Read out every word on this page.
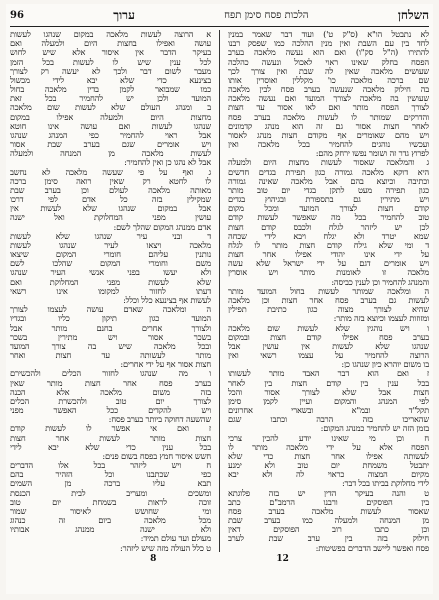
96	ערוך	הלכות פסח סימן תפח	השלחן
לא נתבטל הו"א (ס"ק ט') ועוד דבר שאמר במנין
לחד בין עם השבת ואין מנין ההלכה כמו שפסק רבנו
להתירו (ה"ל סק"ו) ואם הוא נעשה מלאכה בערב
הפסח בחלק שאינו ראוי לאכול ונעשה כהלכה
שעושים מלאכה שאין לה שבת ואין צורך לכך
שם ברכה מלאכה כו' מקללין ואוסרין אותו
בה חילוק מלאכה שנעשה בערב פסח לבין מלאכה
שעושין בה מלאכה לצורך המועד ואם נעשה מלאכה
לצורך הפסח מותר ואם לאו אסור עד חצות
והדרקים שמותר לו לעשות מלאכה בערב פסח
לאחר חצות אסור גם זה הוא מנהג קדמונים
ויש מהם שאומרים אף מקודם חצות מנהג לאסור
ועכשיו נוהגים להחמיר בכל מלאכה ואין
לפרוץ גדר זה ושומר נפשו ירחק מהם:
ג והמלאכה שאסור לעשות מחצות היום ולמעלה
היא דוקא מלאכה גמורה כגון תפירת בגדים חדשים
וכתיבה וכיוצא בהם אבל מלאכה שאינה גמורה
כגון תפירה מעט לתקן בגדי יום טוב מותר
ויש מתירין גם בתספורת ובגיהוץ בגדים
קודם חצות לצורך המועד ומכל מקום
טוב להחמיר בכל מה שאפשר לעשות קודם
לכן יש ליזהר לגלח ולכבס קודם חצות
שמא יטרד ולא יגלח ויבא לידי שכחה
ד ומי שלא גילח קודם חצות מותר לו לגלח
על ידי אינו יהודי אפילו אחר חצות
ויש אומרים דגם על ידי ישראל שלא עשה
מלאכה זו לאומנות מותר ויש אוסרין
והמנהג להחמיר וכן לענין כביסה:
ה ומלאכה שמותר לעשות בחול המועד מותר
לעשות גם בערב פסח אחר חצות וכן מלאכה
שהיא לצורך מצוה כגון כתיבת תפילין
ומזוזות לעצמו וכיוצא בזה מותר:
ו ויש נוהגין שלא לעשות שום מלאכה
בערב פסח אפילו קודם חצות ובמקום
שנהגו שלא לעשות אין עושין אבל
הרוצה להחמיר על עצמו רשאי ואין
בו משום יוהרא כיון שנהגו כן:
ז ואם הוא דבר האבד מותר לעשותו
בכל ענין בין קודם חצות בין לאחר
חצות אבל שלא לצורך אסור והכל
לפי המנהג והמקום ועיין לקמן סימן
תקל"ד ובמ"א ובשארי אחרונים
שהאריכו בזה הרבה וכתבו שגם
בזמן הזה יש להחמיר כמנהג המקום:
ח וכן מי שאינו יודע להכין צרכי
הפסח אלא על ידי מלאכה מותר לו
לעשותה אפילו אחר חצות כדי שלא
יתבטל משמחת יום טוב ולא ימנע
מקיום המצוה כראוי לה ולא יבא
לידי מחלוקת בביתו בכל דבר:
ט והנה בעיקר הדין יש בזה פלוגתא
בין הפוסקים ורבנו הרמב"ם כתב
שאסור לעשות מלאכה בערב פסח
מן המנחה ולמעלה כמו בערב שבת
וכן כתבו רוב הפוסקים דאין
חילוק בזה בין ערב שבת לערב
פסח ואפשר ליישב הדברים בפשיטות:
א הרוצה לעשות מלאכה במקום שנהגו לעשות
עושה ואפילו בחצות היום ולמעלה ואם
בעיקר הדבר אין איסור אלא שיש לחוש
לכל ענין שיש לו לעשות בכל הזמן
מעבר לשום דבר ולכך לא יעשה רק לצורך
בצינעא כדי שלא יבא לידי מכשול
כמו שמבואר לקמן בדין מלאכה בחול
המועד ולכן יש להחמיר בכל זאת
ב ומנהג העולם שלא לעשות שום מלאכה
מחצות היום ולמעלה אפילו במקום
שנהגו לעשות ואם עושה אינו חוטא
אבל ראוי להחמיר כפי המנהג שנהגו
ויש אומרים שגם בערב שבת אסור
לעשות מלאכה מן המנחה ולמעלה
אבל לא נהגו כן ואין להחמיר:
ג ואף על פי שעשה מלאכה לא נחשב
לו לחטא רק שאין רואה סימן ברכה
מאותה מלאכה לעולם וכן בערב שבת
שמקילין בזה כל אדם לפי דרכו
אבל במקום שנהגו שלא לעשות אין
עושין מפני המחלוקת ואל ישנה
אדם ממנהג המקום שהלך לשם:
ד ובני עיר שנהגו שלא לעשות
מלאכה ויצאו לעיר שנהגו לעשות
נותנין עליהם חומרי המקום שיצאו
משם וחומרי המקום שהלכו לשם
ולא יעשו בפני אנשי העיר שנהגו
שלא לעשות מפני המחלוקת ואם
דעתו לחזור למקומו אינו רשאי
לעשות אף בצינעא כלל וכלל:
ה ומלאכה שאדם עושה לעצמו לצורך
המועד כגון תיקון כליו ובגדיו
ולצורך אחרים בחנם מותר אבל
בשכר אסור ויש מתירין בשכר
ובכל מלאכה שיש בה צורך המועד
מותר לעשותה עד חצות ואחר
חצות אסור אף על ידי אחרים:
ו מה שנהגו לחזור הכלים ולהכשירם
בערב פסח אחר חצות מותר שאין
בזה משום מלאכה אלא הכנה
לצורך יום טוב ולהכשרת הכלים
ויש להקדים ככל האפשר מפני
שהשעה דחוקה ביותר בערב פסח:
ז ואם אי אפשר לו לעשות קודם
חצות מותר לעשות אחר חצות
בכל ענין כדי שלא יבא לידי
חשש איסור חמץ בפסח בשום פנים:
ח ויש ליזהר בכל אלו הדברים
כפי שכתבנו וכל הזהיר בהם
תבא עליו ברכה מן השמים
ומשכים ומעריב לבית הכנסת
זוכה לראות בשמחת יום טוב
ומי שחושש לאיסור שמור
מכל מלאכה ביום זה כנהוג
ולא ישנה ממנהג אבותיו
מעולם ועד עולם תמיד:
ט כלל העולה מזה שיש ליזהר:
8	12
